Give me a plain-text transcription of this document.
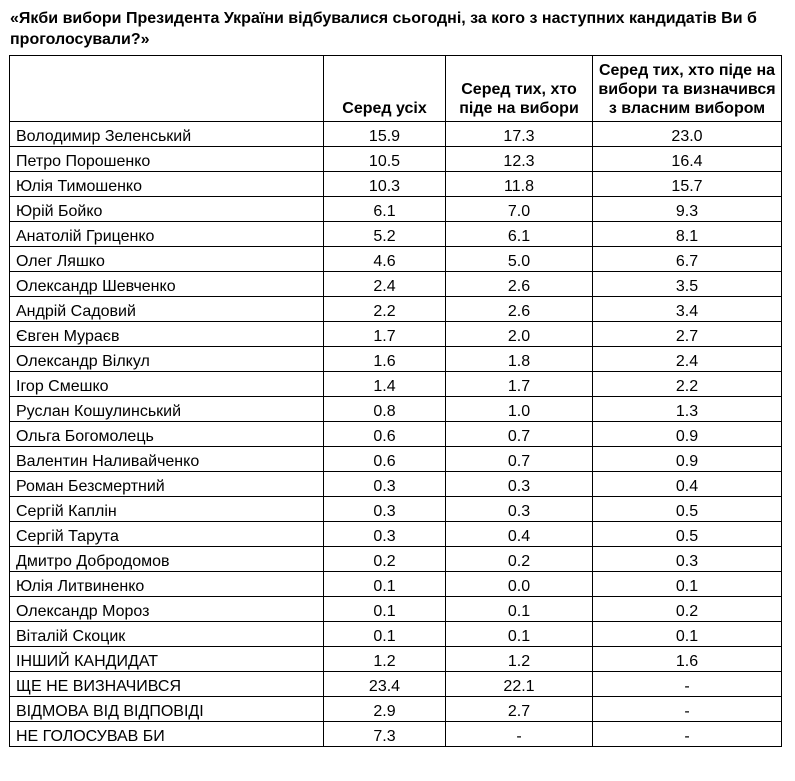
«Якби вибори Президента України відбувалися сьогодні, за кого з наступних кандидатів Ви б проголосували?»
	Серед усіх	Серед тих, хто піде на вибори	Серед тих, хто піде на вибори та визначився з власним вибором
Володимир Зеленський	15.9	17.3	23.0
Петро Порошенко	10.5	12.3	16.4
Юлія Тимошенко	10.3	11.8	15.7
Юрій Бойко	6.1	7.0	9.3
Анатолій Гриценко	5.2	6.1	8.1
Олег Ляшко	4.6	5.0	6.7
Олександр Шевченко	2.4	2.6	3.5
Андрій Садовий	2.2	2.6	3.4
Євген Мураєв	1.7	2.0	2.7
Олександр Вілкул	1.6	1.8	2.4
Ігор Смешко	1.4	1.7	2.2
Руслан Кошулинський	0.8	1.0	1.3
Ольга Богомолець	0.6	0.7	0.9
Валентин Наливайченко	0.6	0.7	0.9
Роман Безсмертний	0.3	0.3	0.4
Сергій Каплін	0.3	0.3	0.5
Сергій Тарута	0.3	0.4	0.5
Дмитро Добродомов	0.2	0.2	0.3
Юлія Литвиненко	0.1	0.0	0.1
Олександр Мороз	0.1	0.1	0.2
Віталій Скоцик	0.1	0.1	0.1
ІНШИЙ КАНДИДАТ	1.2	1.2	1.6
ЩЕ НЕ ВИЗНАЧИВСЯ	23.4	22.1	-
ВІДМОВА ВІД ВІДПОВІДІ	2.9	2.7	-
НЕ ГОЛОСУВАВ БИ	7.3	-	-
